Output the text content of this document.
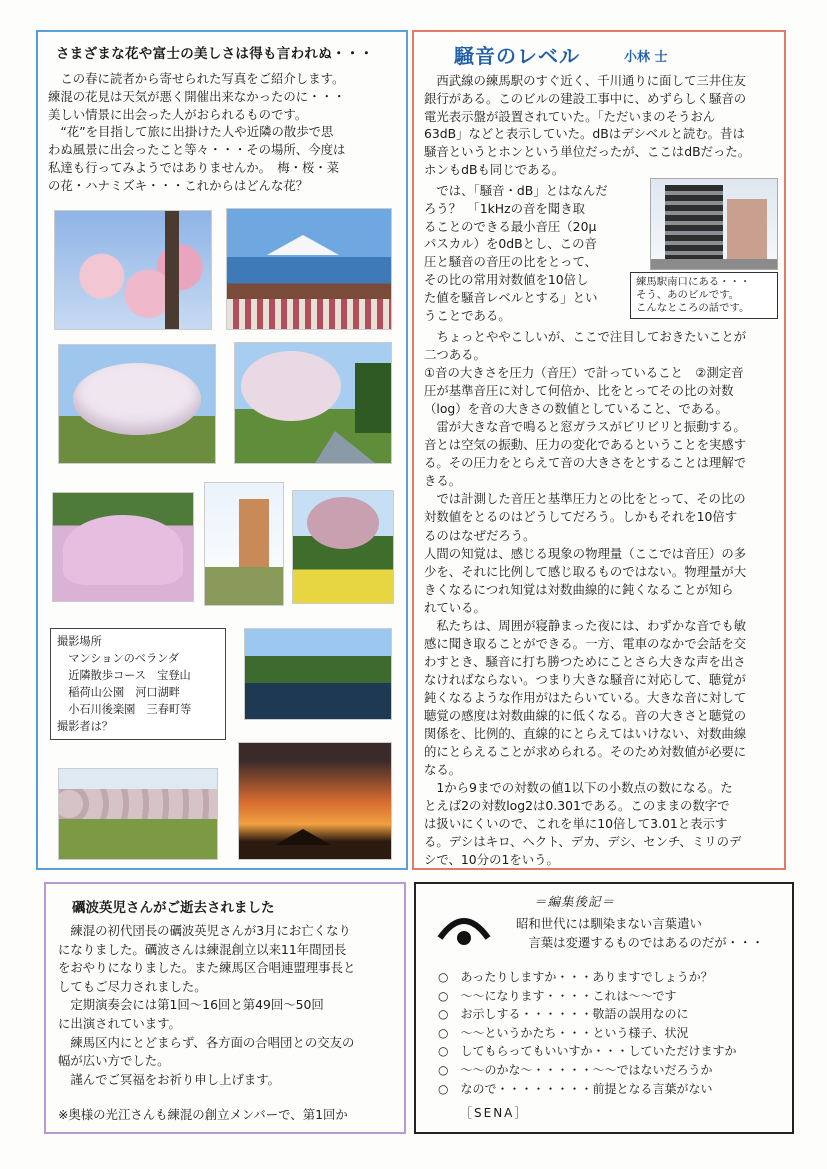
さまざまな花や富士の美しさは得も言われぬ・・・
　この春に読者から寄せられた写真をご紹介します。
練混の花見は天気が悪く開催出来なかったのに・・・
美しい情景に出会った人がおられるものです。
　“花”を目指して旅に出掛けた人や近隣の散歩で思
わぬ風景に出会ったこと等々・・・その場所、今度は
私達も行ってみようではありませんか。　梅・桜・菜
の花・ハナミズキ・・・これからはどんな花？
撮影場所
　マンションのベランダ
　近隣散歩コース　宝登山
　稲荷山公園　河口湖畔
　小石川後楽園　三春町等
撮影者は？
騒音のレベル	小林 士
　西武線の練馬駅のすぐ近く、千川通りに面して三井住友
銀行がある。このビルの建設工事中に、めずらしく騒音の
電光表示盤が設置されていた。「ただいまのそうおん
63dB」などと表示していた。dBはデシベルと読む。昔は
騒音というとホンという単位だったが、ここはdBだった。
ホンもdBも同じである。
　では、「騒音・dB」とはなんだ
ろう？　「1kHzの音を聞き取
ることのできる最小音圧（20μ
パスカル）を0dBとし、この音
圧と騒音の音圧の比をとって、
その比の常用対数値を10倍し
た値を騒音レベルとする」とい
うことである。
練馬駅南口にある・・・
そう、あのビルです。
こんなところの話です。
　ちょっとややこしいが、ここで注目しておきたいことが
二つある。
①音の大きさを圧力（音圧）で計っていること　②測定音
圧が基準音圧に対して何倍か、比をとってその比の対数
（log）を音の大きさの数値としていること、である。
　雷が大きな音で鳴ると窓ガラスがビリビリと振動する。
音とは空気の振動、圧力の変化であるということを実感す
る。その圧力をとらえて音の大きさをとすることは理解で
きる。
　では計測した音圧と基準圧力との比をとって、その比の
対数値をとるのはどうしてだろう。しかもそれを10倍す
るのはなぜだろう。
人間の知覚は、感じる現象の物理量（ここでは音圧）の多
少を、それに比例して感じ取るものではない。物理量が大
きくなるにつれ知覚は対数曲線的に鈍くなることが知ら
れている。
　私たちは、周囲が寝静まった夜には、わずかな音でも敏
感に聞き取ることができる。一方、電車のなかで会話を交
わすとき、騒音に打ち勝つためにことさら大きな声を出さ
なければならない。つまり大きな騒音に対応して、聴覚が
鈍くなるような作用がはたらいている。大きな音に対して
聴覚の感度は対数曲線的に低くなる。音の大きさと聴覚の
関係を、比例的、直線的にとらえてはいけない、対数曲線
的にとらえることが求められる。そのため対数値が必要に
なる。
　1から9までの対数の値1以下の小数点の数になる。た
とえば2の対数log2は0.301である。このままの数字で
は扱いにくいので、これを単に10倍して3.01と表示す
る。デシはキロ、ヘクト、デカ、デシ、センチ、ミリのデ
シで、10分の1をいう。
礪波英児さんがご逝去されました
　練混の初代団長の礪波英児さんが3月にお亡くなり
になりました。礪波さんは練混創立以来11年間団長
をおやりになりました。また練馬区合唱連盟理事長と
してもご尽力されました。
　定期演奏会には第1回～16回と第49回～50回
に出演されています。
　練馬区内にとどまらず、各方面の合唱団との交友の
幅が広い方でした。
　謹んでご冥福をお祈り申し上げます。
※奥様の光江さんも練混の創立メンバーで、第1回か
＝編集後記＝
昭和世代には馴染まない言葉遣い
　言葉は変遷するものではあるのだが・・・
○　あったりしますか・・・ありますでしょうか？
○　～～になります・・・・これは～～です
○　お示しする・・・・・・敬語の誤用なのに
○　～～というかたち・・・という様子、状況
○　してもらってもいいすか・・・していただけますか
○　～～のかな～・・・・・～～ではないだろうか
○　なので・・・・・・・・前提となる言葉がない
［SENA］
